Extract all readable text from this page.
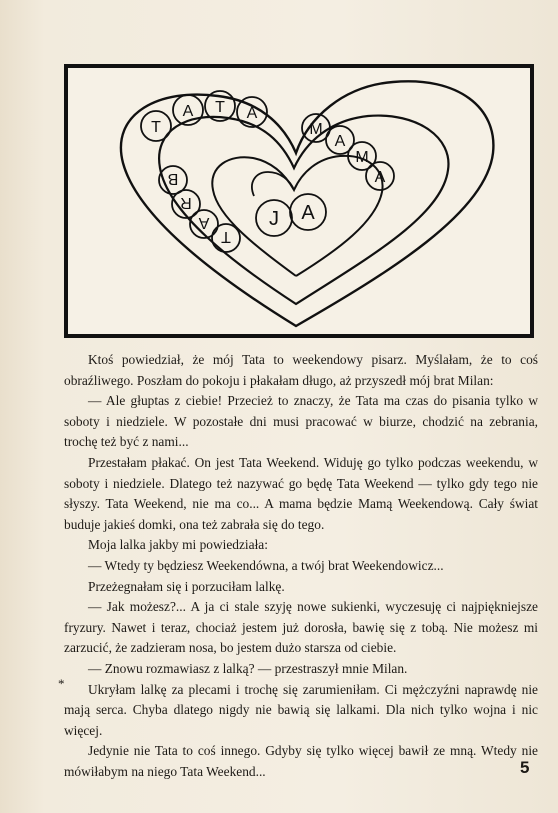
T
A T A
M
A
M
A
B
R
A
T
J A

Ktoś powiedział, że mój Tata to weekendowy pisarz. Myślałam, że to coś obraźliwego. Poszłam do pokoju i płakałam długo, aż przyszedł mój brat Milan:

— Ale głuptas z ciebie! Przecież to znaczy, że Tata ma czas do pisania tylko w soboty i niedziele. W pozostałe dni musi pracować w biurze, chodzić na zebrania, trochę też być z nami...

Przestałam płakać. On jest Tata Weekend. Widuję go tylko podczas weekendu, w soboty i niedziele. Dlatego też nazywać go będę Tata Weekend — tylko gdy tego nie słyszy. Tata Weekend, nie ma co... A mama będzie Mamą Weekendową. Cały świat buduje jakieś domki, ona też zabrała się do tego.

Moja lalka jakby mi powiedziała:

— Wtedy ty będziesz Weekendówna, a twój brat Weekendowicz...

Przeżegnałam się i porzuciłam lalkę.

— Jak możesz?... A ja ci stale szyję nowe sukienki, wyczesuję ci najpiękniejsze fryzury. Nawet i teraz, chociaż jestem już dorosła, bawię się z tobą. Nie możesz mi zarzucić, że zadzieram nosa, bo jestem dużo starsza od ciebie.

— Znowu rozmawiasz z lalką? — przestraszył mnie Milan.

Ukryłam lalkę za plecami i trochę się zarumieniłam. Ci mężczyźni naprawdę nie mają serca. Chyba dlatego nigdy nie bawią się lalkami. Dla nich tylko wojna i nic więcej.

Jedynie nie Tata to coś innego. Gdyby się tylko więcej bawił ze mną. Wtedy nie mówiłabym na niego Tata Weekend...

*
5
